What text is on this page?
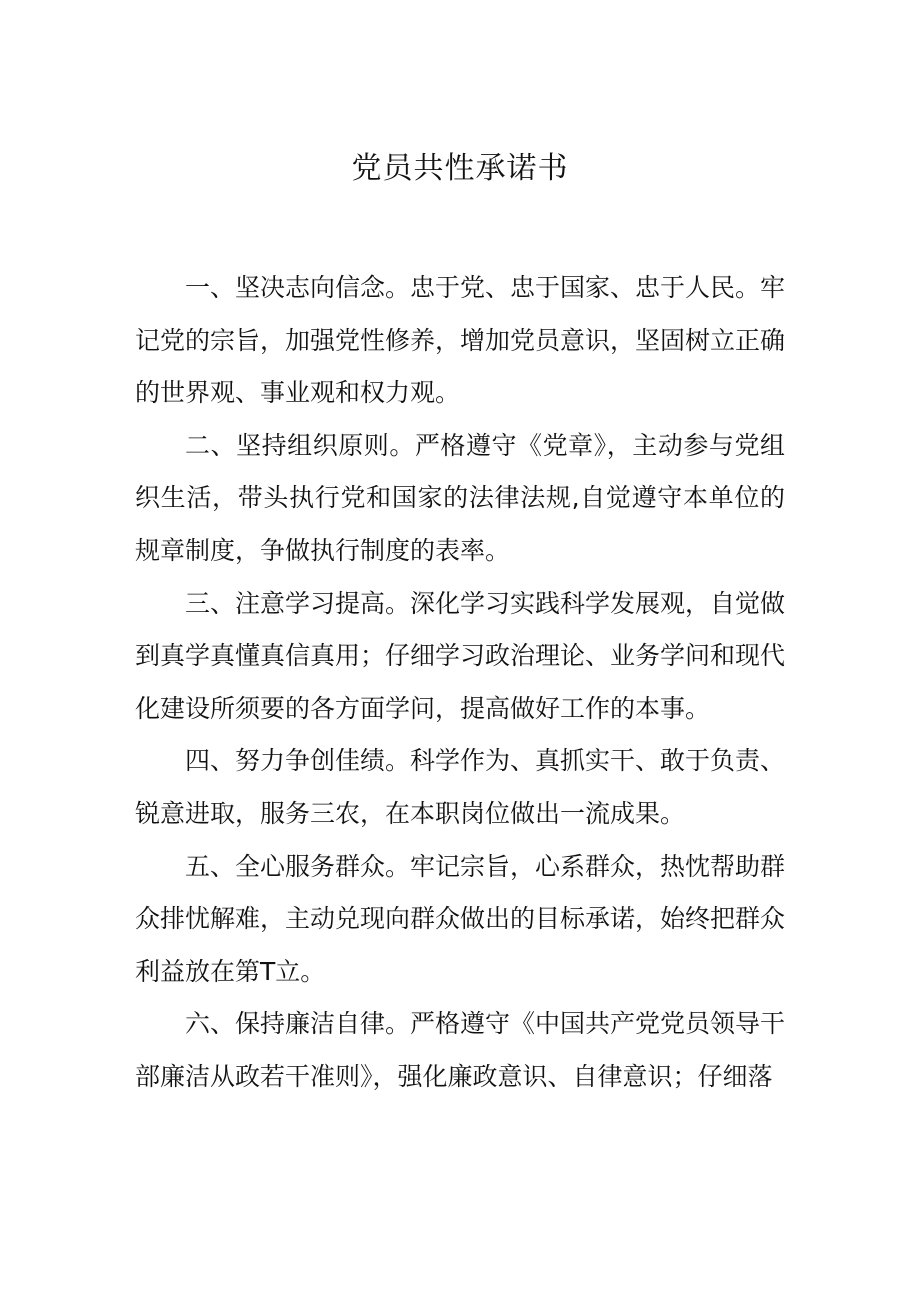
党员共性承诺书

一、坚决志向信念。忠于党、忠于国家、忠于人民。牢记党的宗旨，加强党性修养，增加党员意识，坚固树立正确的世界观、事业观和权力观。

二、坚持组织原则。严格遵守《党章》，主动参与党组织生活，带头执行党和国家的法律法规,自觉遵守本单位的规章制度，争做执行制度的表率。

三、注意学习提高。深化学习实践科学发展观，自觉做到真学真懂真信真用；仔细学习政治理论、业务学问和现代化建设所须要的各方面学问，提高做好工作的本事。

四、努力争创佳绩。科学作为、真抓实干、敢于负责、锐意进取，服务三农，在本职岗位做出一流成果。

五、全心服务群众。牢记宗旨，心系群众，热忱帮助群众排忧解难，主动兑现向群众做出的目标承诺，始终把群众利益放在第T立。

六、保持廉洁自律。严格遵守《中国共产党党员领导干部廉洁从政若干准则》，强化廉政意识、自律意识；仔细落
